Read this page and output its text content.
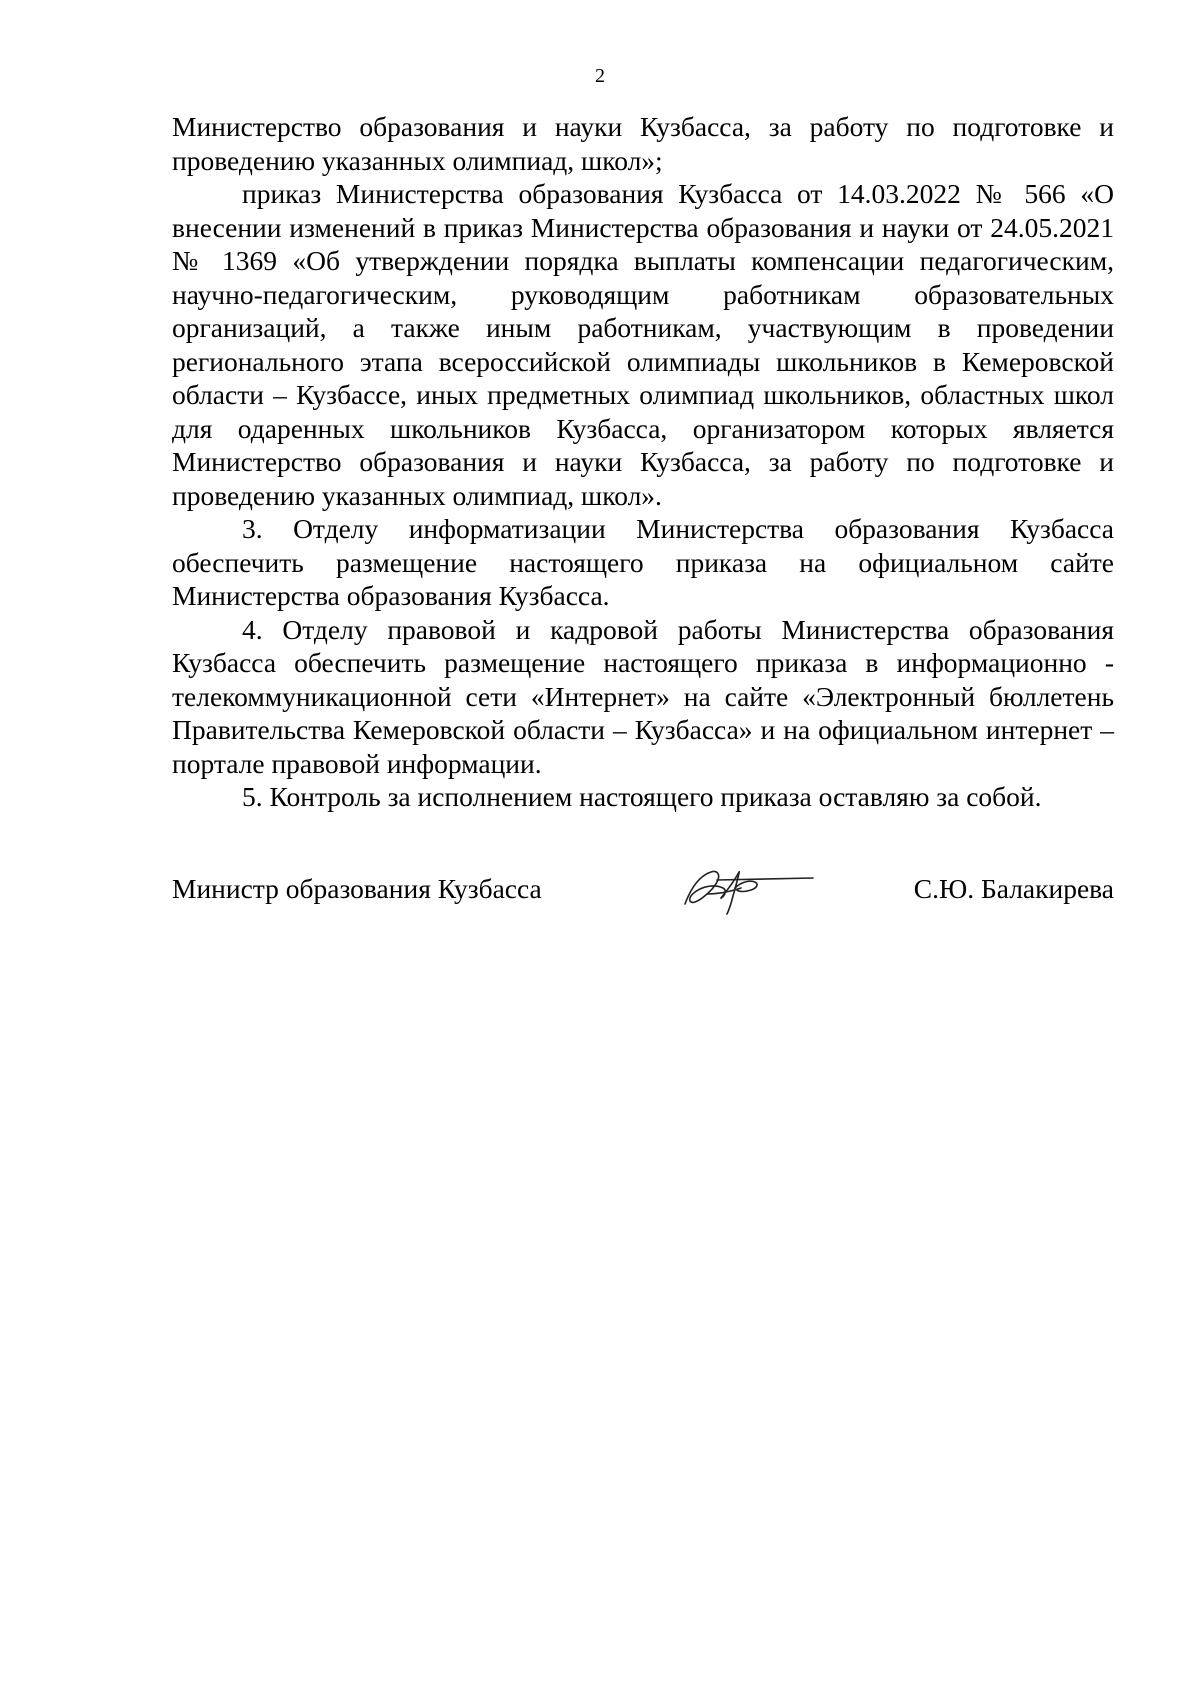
2

Министерство образования и науки Кузбасса, за работу по подготовке и проведению указанных олимпиад, школ»;

приказ Министерства образования Кузбасса от 14.03.2022 № 566 «О внесении изменений в приказ Министерства образования и науки от 24.05.2021 № 1369 «Об утверждении порядка выплаты компенсации педагогическим, научно-педагогическим, руководящим работникам образовательных организаций, а также иным работникам, участвующим в проведении регионального этапа всероссийской олимпиады школьников в Кемеровской области – Кузбассе, иных предметных олимпиад школьников, областных школ для одаренных школьников Кузбасса, организатором которых является Министерство образования и науки Кузбасса, за работу по подготовке и проведению указанных олимпиад, школ».

3. Отделу информатизации Министерства образования Кузбасса обеспечить размещение настоящего приказа на официальном сайте Министерства образования Кузбасса.

4. Отделу правовой и кадровой работы Министерства образования Кузбасса обеспечить размещение настоящего приказа в информационно - телекоммуникационной сети «Интернет» на сайте «Электронный бюллетень Правительства Кемеровской области – Кузбасса» и на официальном интернет – портале правовой информации.

5. Контроль за исполнением настоящего приказа оставляю за собой.

Министр образования Кузбасса	С.Ю. Балакирева
